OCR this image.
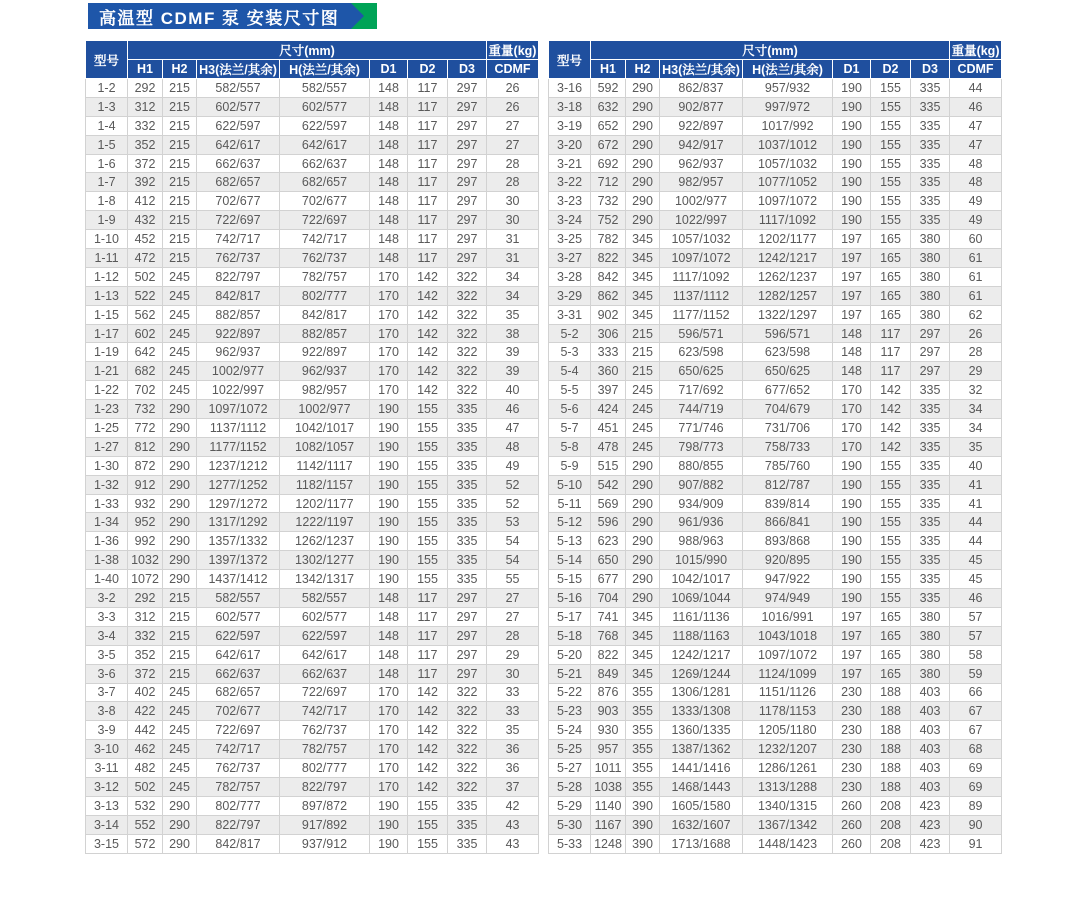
高温型 CDMF 泵 安装尺寸图
型号	尺寸(mm)							重量(kg)
	H1	H2	H3(法兰/其余)	H(法兰/其余)	D1	D2	D3	CDMF
1-2	292	215	582/557	582/557	148	117	297	26
1-3	312	215	602/577	602/577	148	117	297	26
1-4	332	215	622/597	622/597	148	117	297	27
1-5	352	215	642/617	642/617	148	117	297	27
1-6	372	215	662/637	662/637	148	117	297	28
1-7	392	215	682/657	682/657	148	117	297	28
1-8	412	215	702/677	702/677	148	117	297	30
1-9	432	215	722/697	722/697	148	117	297	30
1-10	452	215	742/717	742/717	148	117	297	31
1-11	472	215	762/737	762/737	148	117	297	31
1-12	502	245	822/797	782/757	170	142	322	34
1-13	522	245	842/817	802/777	170	142	322	34
1-15	562	245	882/857	842/817	170	142	322	35
1-17	602	245	922/897	882/857	170	142	322	38
1-19	642	245	962/937	922/897	170	142	322	39
1-21	682	245	1002/977	962/937	170	142	322	39
1-22	702	245	1022/997	982/957	170	142	322	40
1-23	732	290	1097/1072	1002/977	190	155	335	46
1-25	772	290	1137/1112	1042/1017	190	155	335	47
1-27	812	290	1177/1152	1082/1057	190	155	335	48
1-30	872	290	1237/1212	1142/1117	190	155	335	49
1-32	912	290	1277/1252	1182/1157	190	155	335	52
1-33	932	290	1297/1272	1202/1177	190	155	335	52
1-34	952	290	1317/1292	1222/1197	190	155	335	53
1-36	992	290	1357/1332	1262/1237	190	155	335	54
1-38	1032	290	1397/1372	1302/1277	190	155	335	54
1-40	1072	290	1437/1412	1342/1317	190	155	335	55
3-2	292	215	582/557	582/557	148	117	297	27
3-3	312	215	602/577	602/577	148	117	297	27
3-4	332	215	622/597	622/597	148	117	297	28
3-5	352	215	642/617	642/617	148	117	297	29
3-6	372	215	662/637	662/637	148	117	297	30
3-7	402	245	682/657	722/697	170	142	322	33
3-8	422	245	702/677	742/717	170	142	322	33
3-9	442	245	722/697	762/737	170	142	322	35
3-10	462	245	742/717	782/757	170	142	322	36
3-11	482	245	762/737	802/777	170	142	322	36
3-12	502	245	782/757	822/797	170	142	322	37
3-13	532	290	802/777	897/872	190	155	335	42
3-14	552	290	822/797	917/892	190	155	335	43
3-15	572	290	842/817	937/912	190	155	335	43
型号	尺寸(mm)							重量(kg)
	H1	H2	H3(法兰/其余)	H(法兰/其余)	D1	D2	D3	CDMF
3-16	592	290	862/837	957/932	190	155	335	44
3-18	632	290	902/877	997/972	190	155	335	46
3-19	652	290	922/897	1017/992	190	155	335	47
3-20	672	290	942/917	1037/1012	190	155	335	47
3-21	692	290	962/937	1057/1032	190	155	335	48
3-22	712	290	982/957	1077/1052	190	155	335	48
3-23	732	290	1002/977	1097/1072	190	155	335	49
3-24	752	290	1022/997	1117/1092	190	155	335	49
3-25	782	345	1057/1032	1202/1177	197	165	380	60
3-27	822	345	1097/1072	1242/1217	197	165	380	61
3-28	842	345	1117/1092	1262/1237	197	165	380	61
3-29	862	345	1137/1112	1282/1257	197	165	380	61
3-31	902	345	1177/1152	1322/1297	197	165	380	62
5-2	306	215	596/571	596/571	148	117	297	26
5-3	333	215	623/598	623/598	148	117	297	28
5-4	360	215	650/625	650/625	148	117	297	29
5-5	397	245	717/692	677/652	170	142	335	32
5-6	424	245	744/719	704/679	170	142	335	34
5-7	451	245	771/746	731/706	170	142	335	34
5-8	478	245	798/773	758/733	170	142	335	35
5-9	515	290	880/855	785/760	190	155	335	40
5-10	542	290	907/882	812/787	190	155	335	41
5-11	569	290	934/909	839/814	190	155	335	41
5-12	596	290	961/936	866/841	190	155	335	44
5-13	623	290	988/963	893/868	190	155	335	44
5-14	650	290	1015/990	920/895	190	155	335	45
5-15	677	290	1042/1017	947/922	190	155	335	45
5-16	704	290	1069/1044	974/949	190	155	335	46
5-17	741	345	1161/1136	1016/991	197	165	380	57
5-18	768	345	1188/1163	1043/1018	197	165	380	57
5-20	822	345	1242/1217	1097/1072	197	165	380	58
5-21	849	345	1269/1244	1124/1099	197	165	380	59
5-22	876	355	1306/1281	1151/1126	230	188	403	66
5-23	903	355	1333/1308	1178/1153	230	188	403	67
5-24	930	355	1360/1335	1205/1180	230	188	403	67
5-25	957	355	1387/1362	1232/1207	230	188	403	68
5-27	1011	355	1441/1416	1286/1261	230	188	403	69
5-28	1038	355	1468/1443	1313/1288	230	188	403	69
5-29	1140	390	1605/1580	1340/1315	260	208	423	89
5-30	1167	390	1632/1607	1367/1342	260	208	423	90
5-33	1248	390	1713/1688	1448/1423	260	208	423	91
